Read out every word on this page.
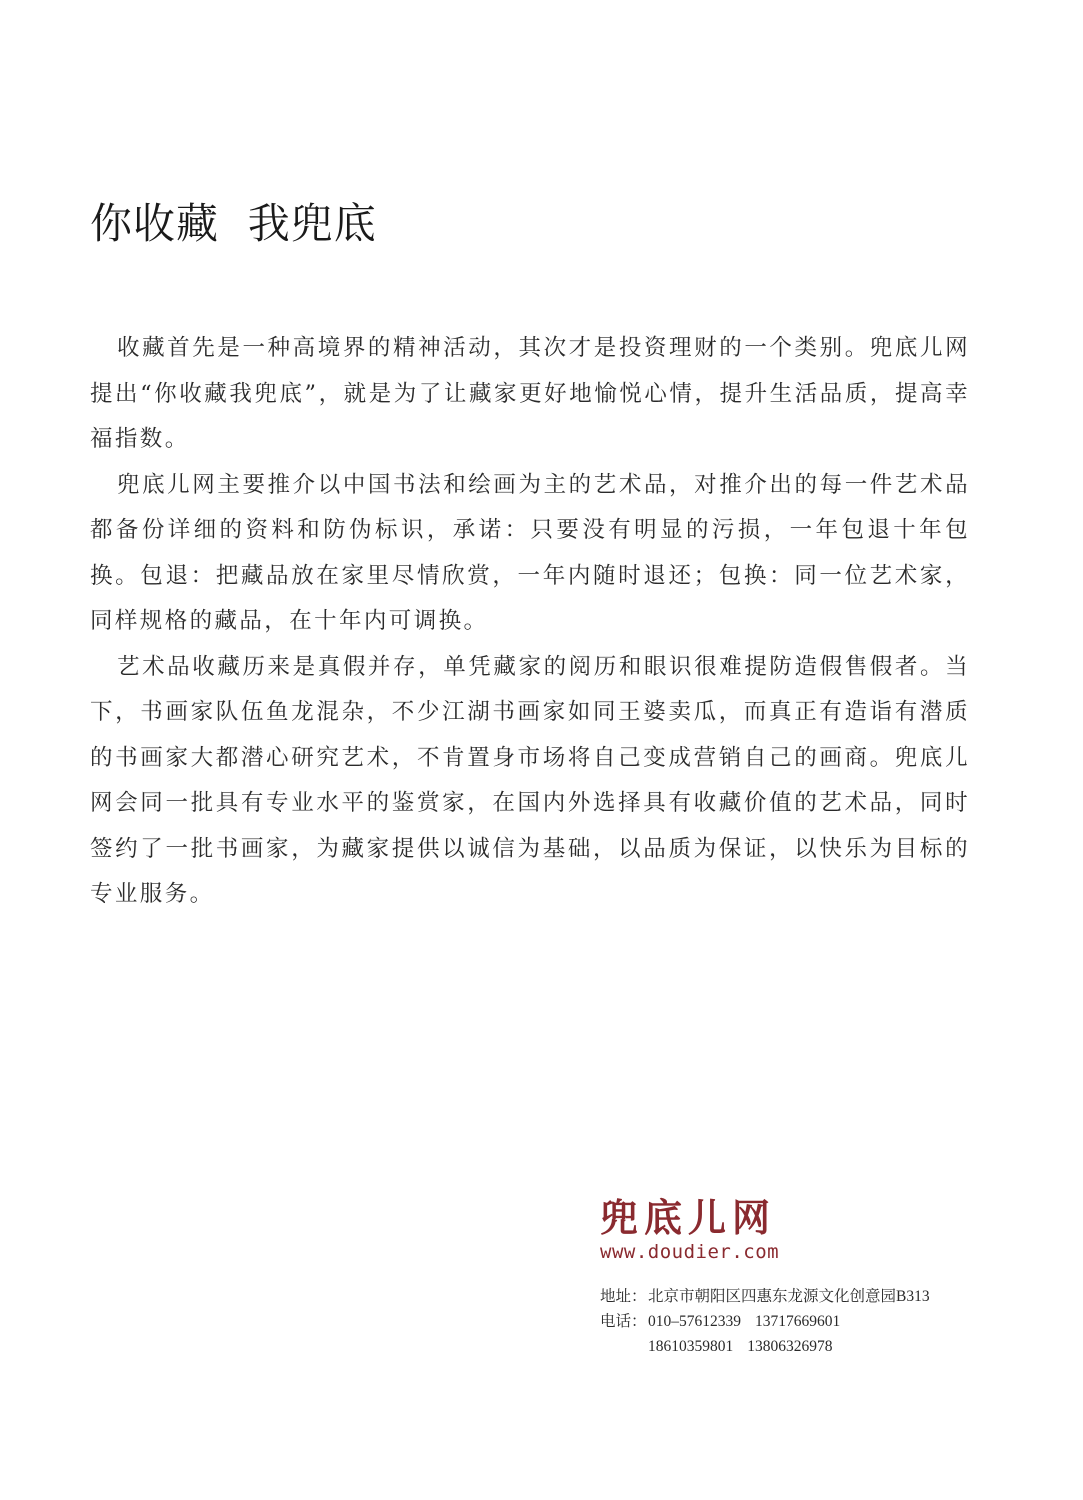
你收藏  我兜底

收藏首先是一种高境界的精神活动，其次才是投资理财的一个类别。兜底儿网提出“你收藏我兜底”，就是为了让藏家更好地愉悦心情，提升生活品质，提高幸福指数。

兜底儿网主要推介以中国书法和绘画为主的艺术品，对推介出的每一件艺术品都备份详细的资料和防伪标识，承诺：只要没有明显的污损，一年包退十年包换。包退：把藏品放在家里尽情欣赏，一年内随时退还；包换：同一位艺术家，同样规格的藏品，在十年内可调换。

艺术品收藏历来是真假并存，单凭藏家的阅历和眼识很难提防造假售假者。当下，书画家队伍鱼龙混杂，不少江湖书画家如同王婆卖瓜，而真正有造诣有潜质的书画家大都潜心研究艺术，不肯置身市场将自己变成营销自己的画商。兜底儿网会同一批具有专业水平的鉴赏家，在国内外选择具有收藏价值的艺术品，同时签约了一批书画家，为藏家提供以诚信为基础，以品质为保证，以快乐为目标的专业服务。

兜底儿网
www.doudier.com
地址：北京市朝阳区四惠东龙源文化创意园B313
电话：010–57612339 13717669601
18610359801 13806326978
